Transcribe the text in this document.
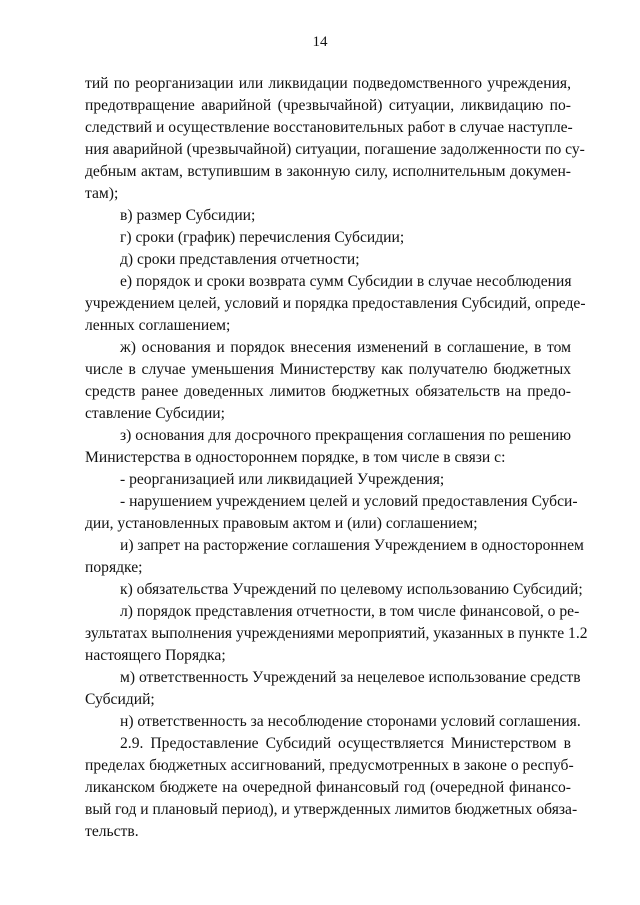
14
тий по реорганизации или ликвидации подведомственного учреждения,
предотвращение аварийной (чрезвычайной) ситуации, ликвидацию по-
следствий и осуществление восстановительных работ в случае наступле-
ния аварийной (чрезвычайной) ситуации, погашение задолженности по су-
дебным актам, вступившим в законную силу, исполнительным докумен-
там);
в) размер Субсидии;
г) сроки (график) перечисления Субсидии;
д) сроки представления отчетности;
е) порядок и сроки возврата сумм Субсидии в случае несоблюдения
учреждением целей, условий и порядка предоставления Субсидий, опреде-
ленных соглашением;
ж) основания и порядок внесения изменений в соглашение, в том
числе в случае уменьшения Министерству как получателю бюджетных
средств ранее доведенных лимитов бюджетных обязательств на предо-
ставление Субсидии;
з) основания для досрочного прекращения соглашения по решению
Министерства в одностороннем порядке, в том числе в связи с:
- реорганизацией или ликвидацией Учреждения;
- нарушением учреждением целей и условий предоставления Субси-
дии, установленных правовым актом и (или) соглашением;
и) запрет на расторжение соглашения Учреждением в одностороннем
порядке;
к) обязательства Учреждений по целевому использованию Субсидий;
л) порядок представления отчетности, в том числе финансовой, о ре-
зультатах выполнения учреждениями мероприятий, указанных в пункте 1.2
настоящего Порядка;
м) ответственность Учреждений за нецелевое использование средств
Субсидий;
н) ответственность за несоблюдение сторонами условий соглашения.
2.9. Предоставление Субсидий осуществляется Министерством в
пределах бюджетных ассигнований, предусмотренных в законе о респуб-
ликанском бюджете на очередной финансовый год (очередной финансо-
вый год и плановый период), и утвержденных лимитов бюджетных обяза-
тельств.
